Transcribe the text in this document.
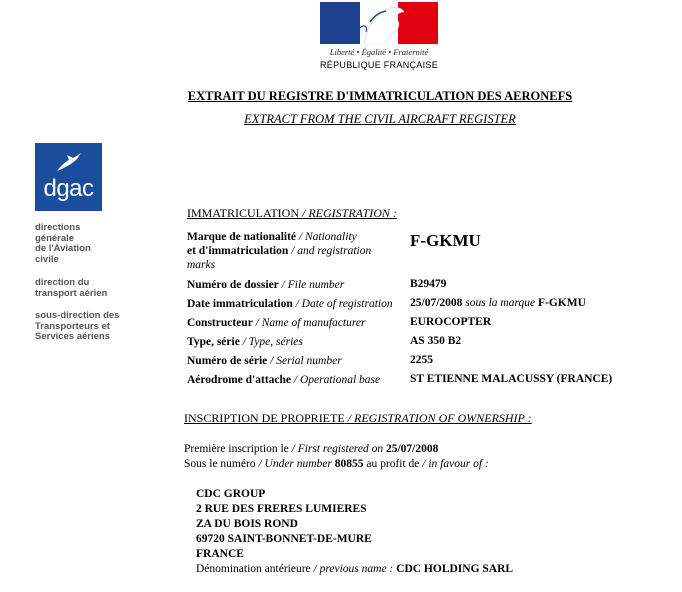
Liberté • Égalité • Fraternité
RÉPUBLIQUE FRANÇAISE
EXTRAIT DU REGISTRE D'IMMATRICULATION DES AERONEFS
EXTRACT FROM THE CIVIL AIRCRAFT REGISTER
dgac
directions
générale
de l'Aviation
civile
direction du
transport aérien
sous-direction des
Transporteurs et
Services aériens
IMMATRICULATION / REGISTRATION :
Marque de nationalité / Nationality
et d'immatriculation / and registration
marks
F-GKMU
Numéro de dossier / File number	B29479
Date immatriculation / Date of registration 25/07/2008 sous la marque F-GKMU
Constructeur / Name of manufacturer	EUROCOPTER
Type, série / Type, séries	AS 350 B2
Numéro de série / Serial number	2255
Aérodrome d'attache / Operational base	ST ETIENNE MALACUSSY (FRANCE)
INSCRIPTION DE PROPRIETE / REGISTRATION OF OWNERSHIP :
Première inscription le / First registered on 25/07/2008
Sous le numéro / Under number 80855 au profit de / in favour of :
CDC GROUP
2 RUE DES FRERES LUMIERES
ZA DU BOIS ROND
69720 SAINT-BONNET-DE-MURE
FRANCE
Dénomination antérieure / previous name : CDC HOLDING SARL
